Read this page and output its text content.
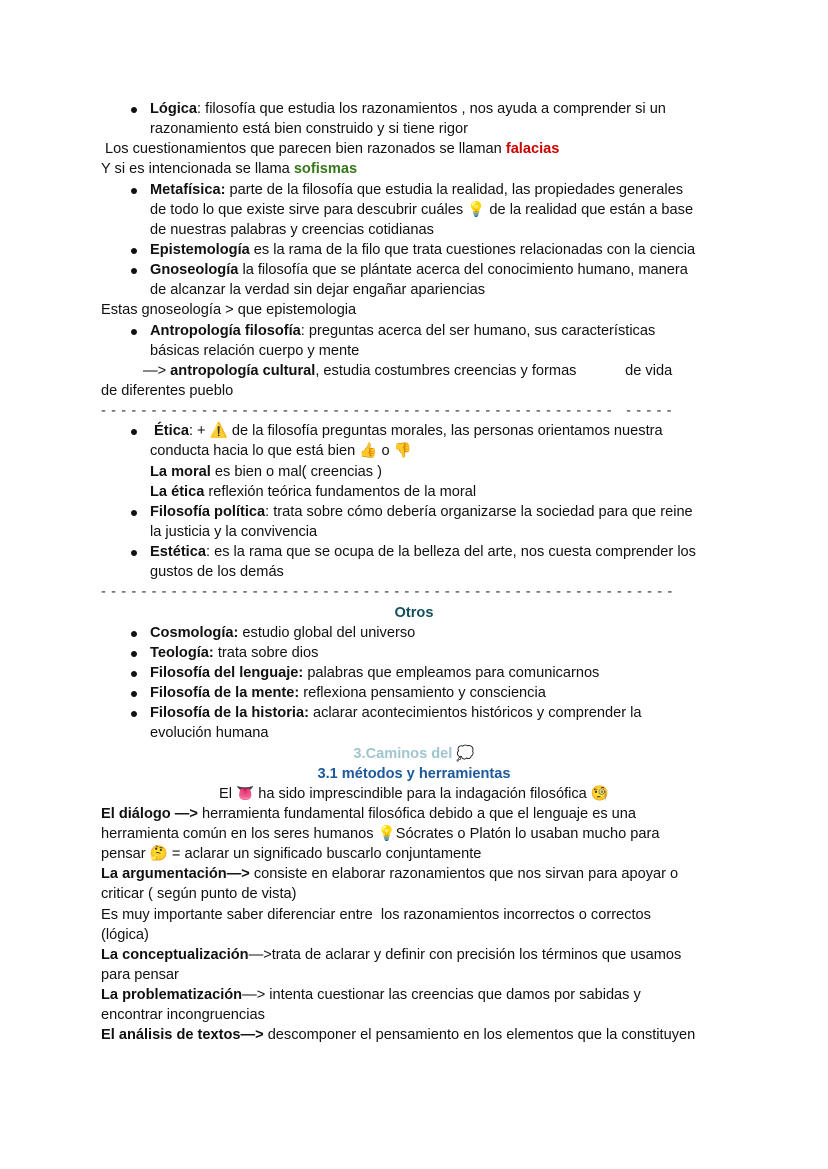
Lógica: filosofía que estudia los razonamientos , nos ayuda a comprender si un
razonamiento está bien construido y si tiene rigor
Los cuestionamientos que parecen bien razonados se llaman falacias
Y si es intencionada se llama sofismas
Metafísica: parte de la filosofía que estudia la realidad, las propiedades generales
de todo lo que existe sirve para descubrir cuáles 💡 de la realidad que están a base
de nuestras palabras y creencias cotidianas
Epistemología es la rama de la filo que trata cuestiones relacionadas con la ciencia
Gnoseología la filosofía que se plántate acerca del conocimiento humano, manera
de alcanzar la verdad sin dejar engañar apariencias
Estas gnoseología > que epistemologia
Antropología filosofía: preguntas acerca del ser humano, sus características
básicas relación cuerpo y mente
—> antropología cultural, estudia costumbres creencias y formas            de vida
de diferentes pueblo
- - - - - - - - - - - - - - - - - - - - - - - - - - - - - - - - - - - - - - - - - - - - - - - - - - -   - - - - -
Ética: + ⚠️ de la filosofía preguntas morales, las personas orientamos nuestra
conducta hacia lo que está bien 👍 o 👎
La moral es bien o mal( creencias )
La ética reflexión teórica fundamentos de la moral
Filosofía política: trata sobre cómo debería organizarse la sociedad para que reine
la justicia y la convivencia
Estética: es la rama que se ocupa de la belleza del arte, nos cuesta comprender los
gustos de los demás
- - - - - - - - - - - - - - - - - - - - - - - - - - - - - - - - - - - - - - - - - - - - - - - - - - - - - - - - -
Otros
Cosmología: estudio global del universo
Teología: trata sobre dios
Filosofía del lenguaje: palabras que empleamos para comunicarnos
Filosofía de la mente: reflexiona pensamiento y consciencia
Filosofía de la historia: aclarar acontecimientos históricos y comprender la
evolución humana
3.Caminos del 💭
3.1 métodos y herramientas
El 👅 ha sido imprescindible para la indagación filosófica 🧐
El diálogo —> herramienta fundamental filosófica debido a que el lenguaje es una
herramienta común en los seres humanos 💡Sócrates o Platón lo usaban mucho para
pensar 🤔 = aclarar un significado buscarlo conjuntamente
La argumentación—> consiste en elaborar razonamientos que nos sirvan para apoyar o
criticar ( según punto de vista)
Es muy importante saber diferenciar entre  los razonamientos incorrectos o correctos
(lógica)
La conceptualización—>trata de aclarar y definir con precisión los términos que usamos
para pensar
La problematización—> intenta cuestionar las creencias que damos por sabidas y
encontrar incongruencias
El análisis de textos—> descomponer el pensamiento en los elementos que la constituyen
